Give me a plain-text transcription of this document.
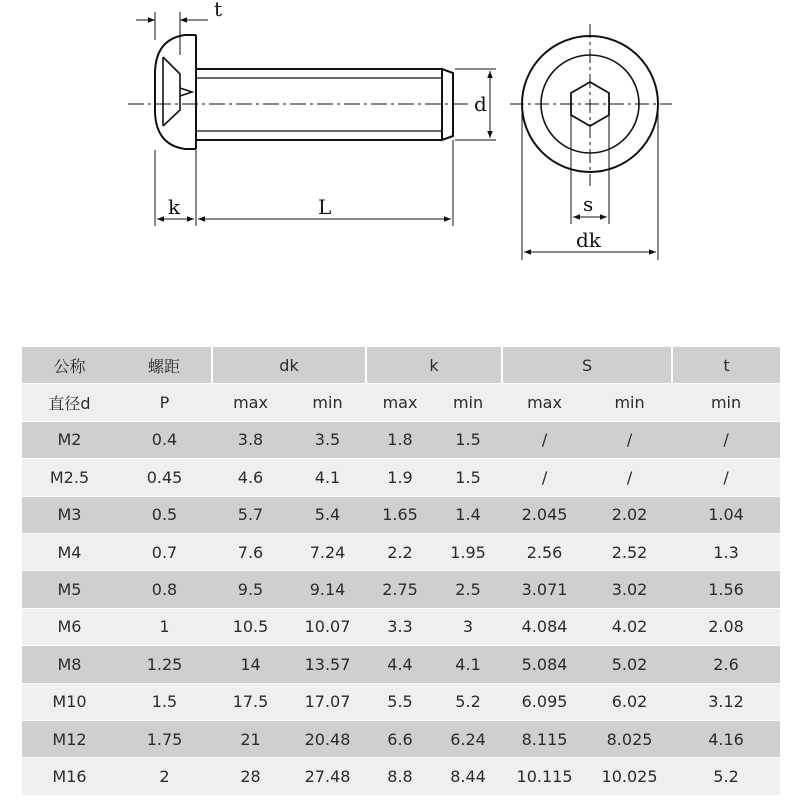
t
d
k	L	s
dk
公称	螺距	dk		k		S		t
直径d	P	max	min	max	min	max	min	min
M2	0.4	3.8	3.5	1.8	1.5	/	/	/
M2.5	0.45	4.6	4.1	1.9	1.5	/	/	/
M3	0.5	5.7	5.4	1.65	1.4	2.045	2.02	1.04
M4	0.7	7.6	7.24	2.2	1.95	2.56	2.52	1.3
M5	0.8	9.5	9.14	2.75	2.5	3.071	3.02	1.56
M6	1	10.5	10.07	3.3	3	4.084	4.02	2.08
M8	1.25	14	13.57	4.4	4.1	5.084	5.02	2.6
M10	1.5	17.5	17.07	5.5	5.2	6.095	6.02	3.12
M12	1.75	21	20.48	6.6	6.24	8.115	8.025	4.16
M16	2	28	27.48	8.8	8.44	10.115	10.025	5.2
